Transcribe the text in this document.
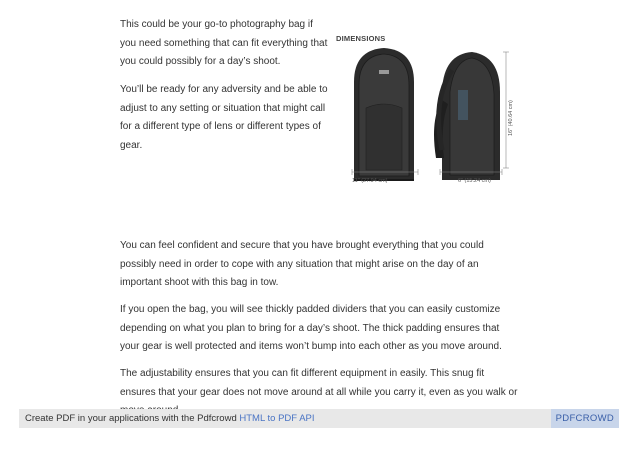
This could be your go-to photography bag if you need something that can fit everything that you could possibly for a day’s shoot.

You’ll be ready for any adversity and be able to adjust to any setting or situation that might call for a different type of lens or different types of gear.

DIMENSIONS
11" (27.94 cm)	6" (15.24 cm)
16" (40.64 cm)

You can feel confident and secure that you have brought everything that you could possibly need in order to cope with any situation that might arise on the day of an important shoot with this bag in tow.

If you open the bag, you will see thickly padded dividers that you can easily customize depending on what you plan to bring for a day’s shoot. The thick padding ensures that your gear is well protected and items won’t bump into each other as you move around.

The adjustability ensures that you can fit different equipment in easily. This snug fit ensures that your gear does not move around at all while you carry it, even as you walk or

Create PDF in your applications with the Pdfcrowd HTML to PDF API	PDFCROWD
